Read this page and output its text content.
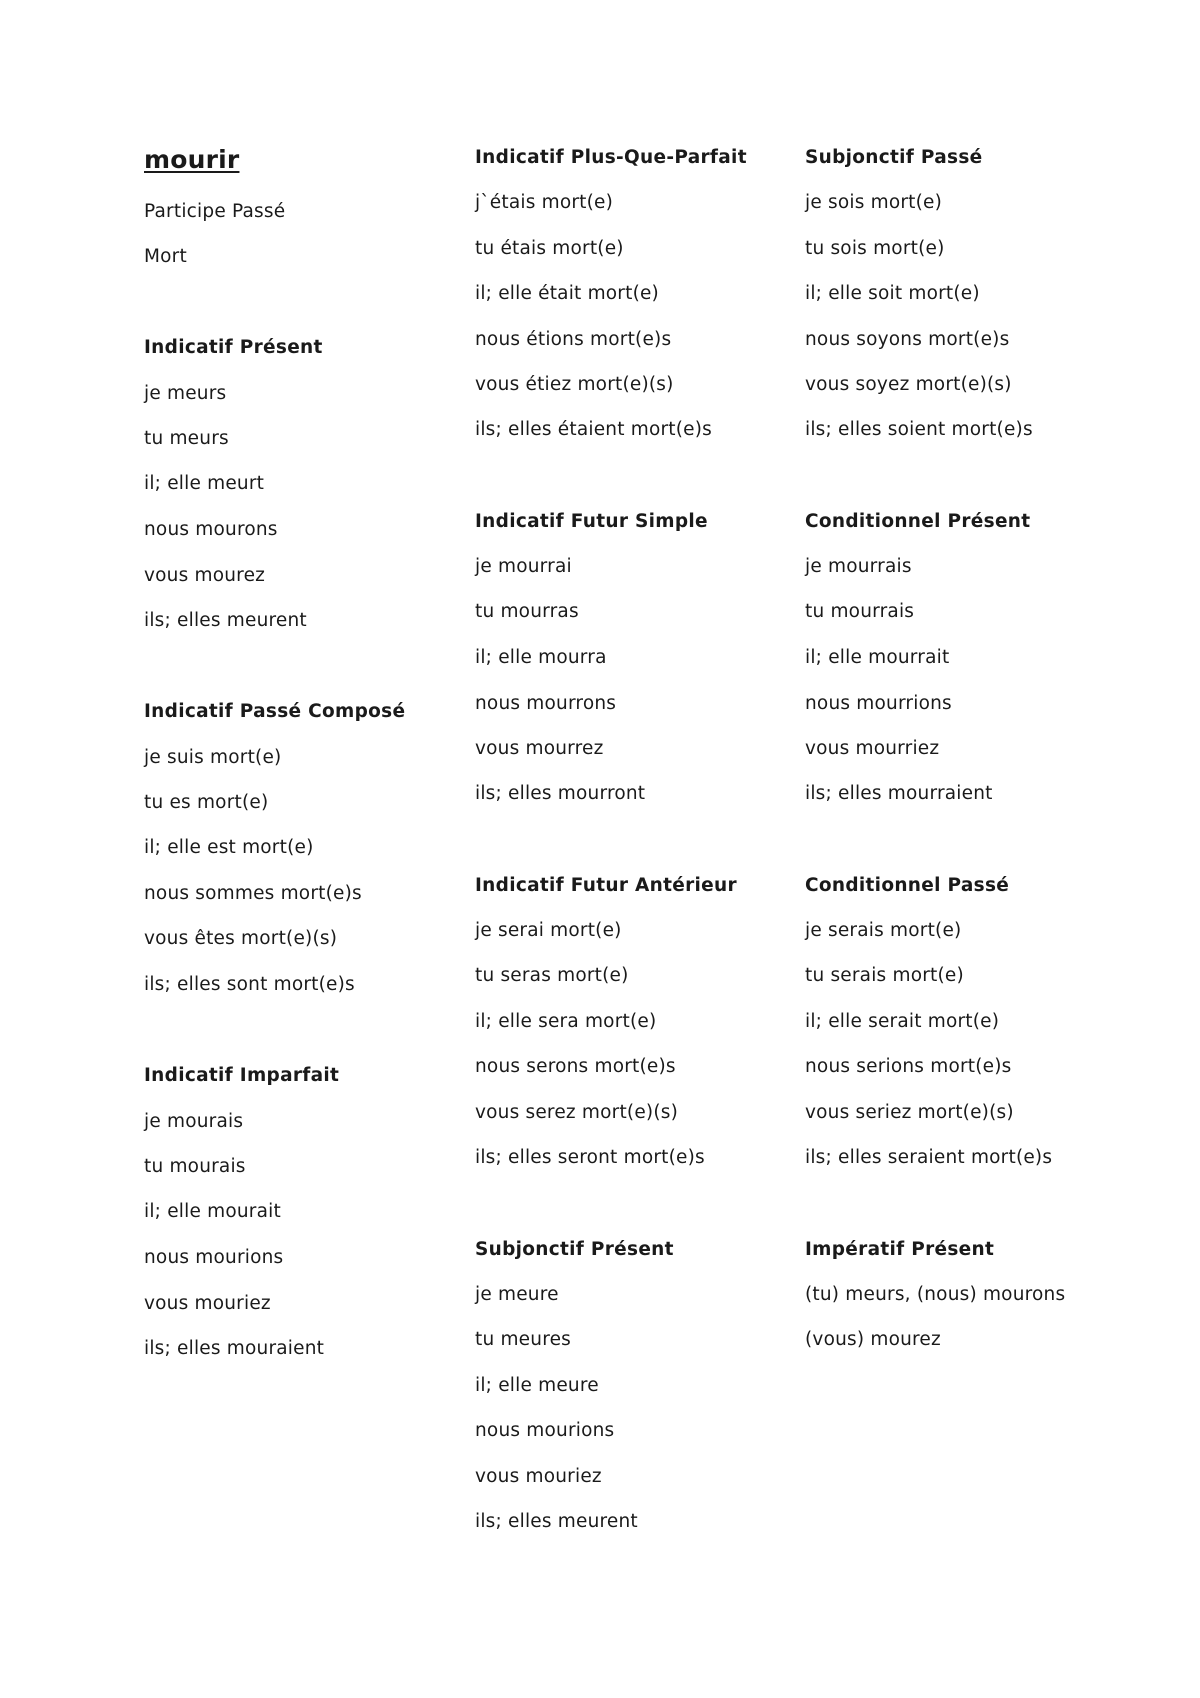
mourir
Participe Passé
Mort
Indicatif Présent
je meurs
tu meurs
il; elle meurt
nous mourons
vous mourez
ils; elles meurent
Indicatif Passé Composé
je suis mort(e)
tu es mort(e)
il; elle est mort(e)
nous sommes mort(e)s
vous êtes mort(e)(s)
ils; elles sont mort(e)s
Indicatif Imparfait
je mourais
tu mourais
il; elle mourait
nous mourions
vous mouriez
ils; elles mouraient
Indicatif Plus-Que-Parfait
j`étais mort(e)
tu étais mort(e)
il; elle était mort(e)
nous étions mort(e)s
vous étiez mort(e)(s)
ils; elles étaient mort(e)s
Indicatif Futur Simple
je mourrai
tu mourras
il; elle mourra
nous mourrons
vous mourrez
ils; elles mourront
Indicatif Futur Antérieur
je serai mort(e)
tu seras mort(e)
il; elle sera mort(e)
nous serons mort(e)s
vous serez mort(e)(s)
ils; elles seront mort(e)s
Subjonctif Présent
je meure
tu meures
il; elle meure
nous mourions
vous mouriez
ils; elles meurent
Subjonctif Passé
je sois mort(e)
tu sois mort(e)
il; elle soit mort(e)
nous soyons mort(e)s
vous soyez mort(e)(s)
ils; elles soient mort(e)s
Conditionnel Présent
je mourrais
tu mourrais
il; elle mourrait
nous mourrions
vous mourriez
ils; elles mourraient
Conditionnel Passé
je serais mort(e)
tu serais mort(e)
il; elle serait mort(e)
nous serions mort(e)s
vous seriez mort(e)(s)
ils; elles seraient mort(e)s
Impératif Présent
(tu) meurs, (nous) mourons
(vous) mourez
